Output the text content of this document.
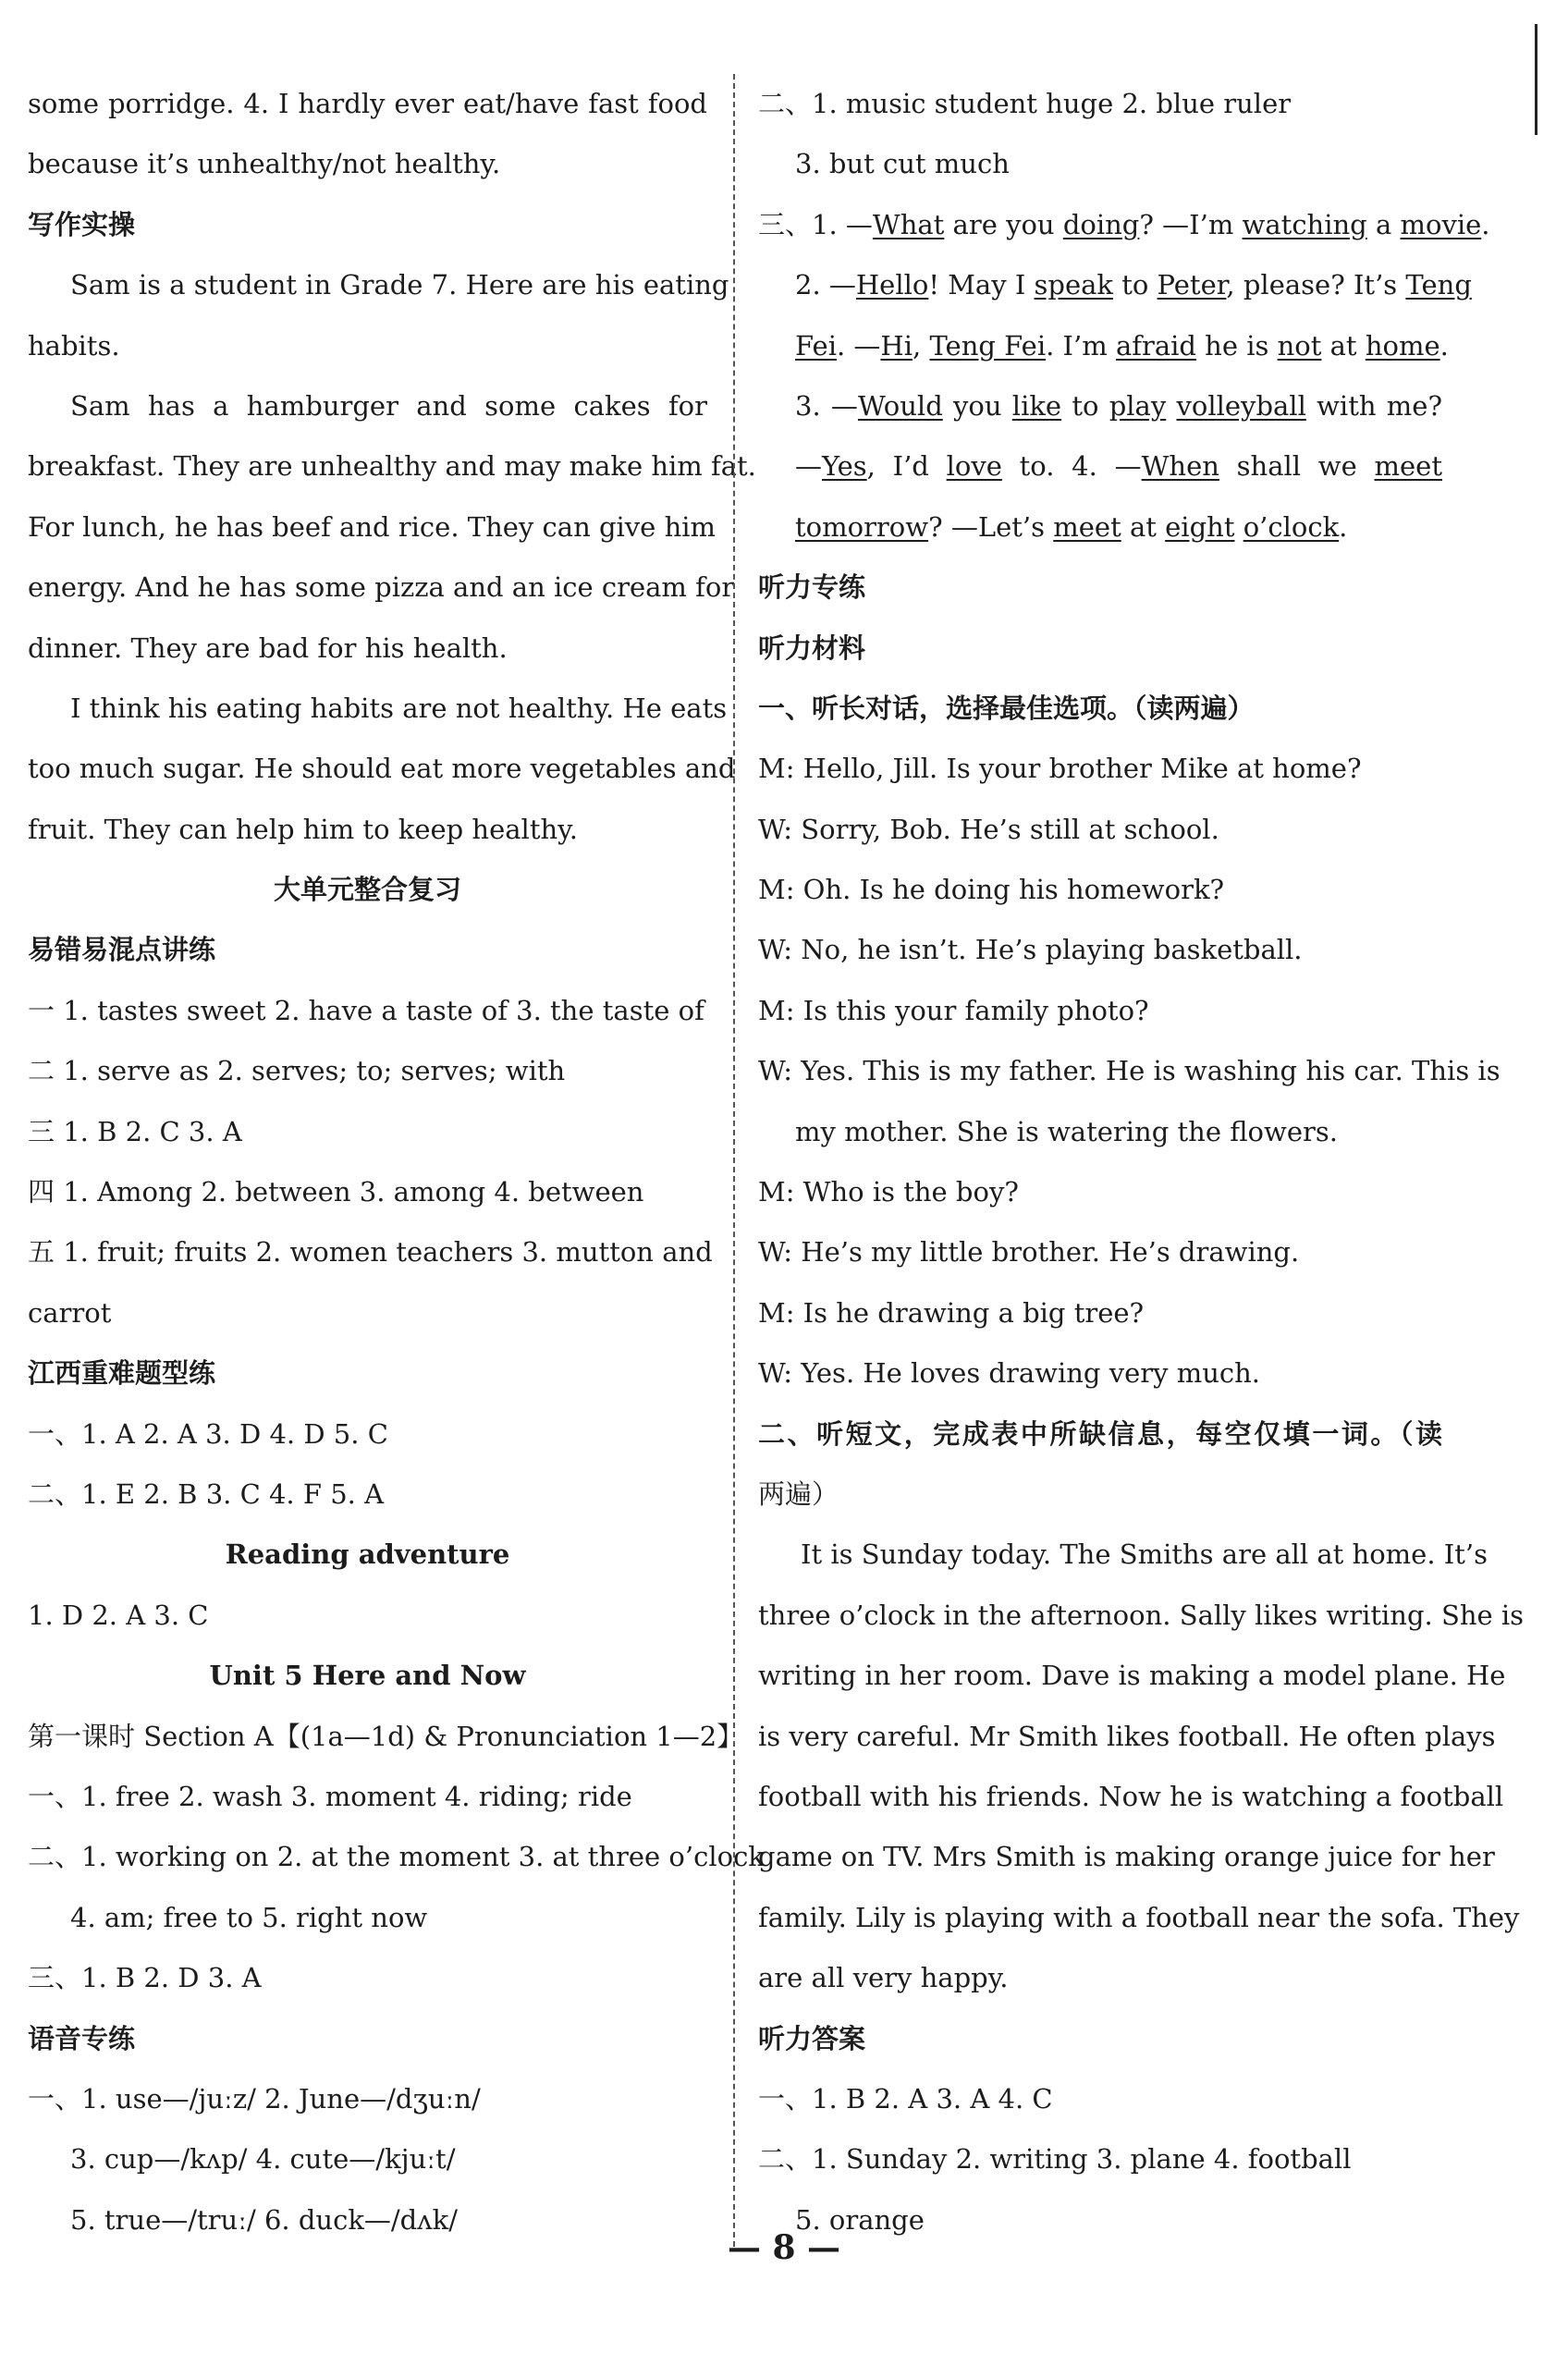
some porridge. 4. I hardly ever eat/have fast food
because it’s unhealthy/not healthy.
写作实操
Sam is a student in Grade 7. Here are his eating
habits.
Sam has a hamburger and some cakes for
breakfast. They are unhealthy and may make him fat.
For lunch, he has beef and rice. They can give him
energy. And he has some pizza and an ice cream for
dinner. They are bad for his health.
I think his eating habits are not healthy. He eats
too much sugar. He should eat more vegetables and
fruit. They can help him to keep healthy.
大单元整合复习
易错易混点讲练
一 1. tastes sweet 2. have a taste of 3. the taste of
二 1. serve as 2. serves; to; serves; with
三 1. B 2. C 3. A
四 1. Among 2. between 3. among 4. between
五 1. fruit; fruits 2. women teachers 3. mutton and
carrot
江西重难题型练
一、1. A 2. A 3. D 4. D 5. C
二、1. E 2. B 3. C 4. F 5. A
Reading adventure
1. D 2. A 3. C
Unit 5 Here and Now
第一课时 Section A【(1a—1d) & Pronunciation 1—2】
一、1. free 2. wash 3. moment 4. riding; ride
二、1. working on 2. at the moment 3. at three o’clock
4. am; free to 5. right now
三、1. B 2. D 3. A
语音专练
一、1. use—/juːz/ 2. June—/dʒuːn/
3. cup—/kʌp/ 4. cute—/kjuːt/
5. true—/truː/ 6. duck—/dʌk/
二、1. music student huge 2. blue ruler
3. but cut much
三、1. —What are you doing? —I’m watching a movie.
2. —Hello! May I speak to Peter, please? It’s Teng
Fei. —Hi, Teng Fei. I’m afraid he is not at home.
3. —Would you like to play volleyball with me?
—Yes, I’d love to. 4. —When shall we meet
tomorrow? —Let’s meet at eight o’clock.
听力专练
听力材料
一、听长对话，选择最佳选项。（读两遍）
M: Hello, Jill. Is your brother Mike at home?
W: Sorry, Bob. He’s still at school.
M: Oh. Is he doing his homework?
W: No, he isn’t. He’s playing basketball.
M: Is this your family photo?
W: Yes. This is my father. He is washing his car. This is
my mother. She is watering the flowers.
M: Who is the boy?
W: He’s my little brother. He’s drawing.
M: Is he drawing a big tree?
W: Yes. He loves drawing very much.
二、听短文，完成表中所缺信息，每空仅填一词。（读
两遍）
It is Sunday today. The Smiths are all at home. It’s
three o’clock in the afternoon. Sally likes writing. She is
writing in her room. Dave is making a model plane. He
is very careful. Mr Smith likes football. He often plays
football with his friends. Now he is watching a football
game on TV. Mrs Smith is making orange juice for her
family. Lily is playing with a football near the sofa. They
are all very happy.
听力答案
一、1. B 2. A 3. A 4. C
二、1. Sunday 2. writing 3. plane 4. football
5. orange
— 8 —
